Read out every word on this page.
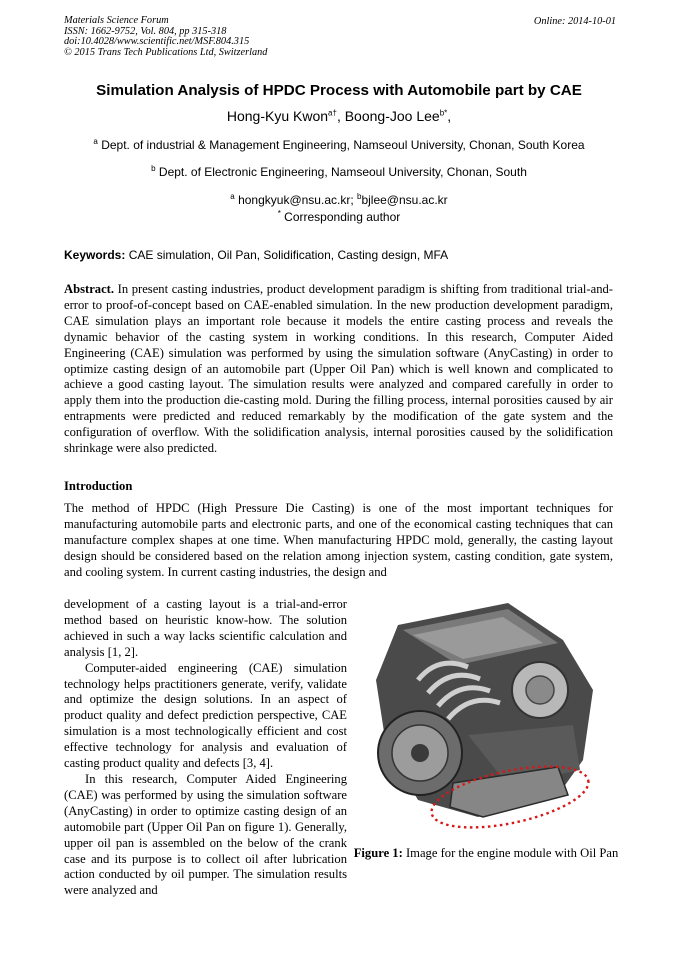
Materials Science Forum
ISSN: 1662-9752, Vol. 804, pp 315-318
doi:10.4028/www.scientific.net/MSF.804.315
© 2015 Trans Tech Publications Ltd, Switzerland
Online: 2014-10-01
Simulation Analysis of HPDC Process with Automobile part by CAE
Hong-Kyu Kwon$^{a\dagger}$, Boong-Joo Lee$^{b*}$,
$^a$ Dept. of industrial & Management Engineering, Namseoul University, Chonan, South Korea
$^b$ Dept. of Electronic Engineering, Namseoul University, Chonan, South
$^a$ hongkyuk@nsu.ac.kr; $^b$bjlee@nsu.ac.kr
* Corresponding author
Keywords: CAE simulation, Oil Pan, Solidification, Casting design, MFA
Abstract. In present casting industries, product development paradigm is shifting from traditional trial-and-error to proof-of-concept based on CAE-enabled simulation. In the new production development paradigm, CAE simulation plays an important role because it models the entire casting process and reveals the dynamic behavior of the casting system in working conditions. In this research, Computer Aided Engineering (CAE) simulation was performed by using the simulation software (AnyCasting) in order to optimize casting design of an automobile part (Upper Oil Pan) which is well known and complicated to achieve a good casting layout. The simulation results were analyzed and compared carefully in order to apply them into the production die-casting mold. During the filling process, internal porosities caused by air entrapments were predicted and reduced remarkably by the modification of the gate system and the configuration of overflow. With the solidification analysis, internal porosities caused by the solidification shrinkage were also predicted.
Introduction
The method of HPDC (High Pressure Die Casting) is one of the most important techniques for manufacturing automobile parts and electronic parts, and one of the economical casting techniques that can manufacture complex shapes at one time. When manufacturing HPDC mold, generally, the casting layout design should be considered based on the relation among injection system, casting condition, gate system, and cooling system. In current casting industries, the design and

development of a casting layout is a trial-and-error method based on heuristic know-how. The solution achieved in such a way lacks scientific calculation and analysis [1, 2].

Computer-aided engineering (CAE) simulation technology helps practitioners generate, verify, validate and optimize the design solutions. In an aspect of product quality and defect prediction perspective, CAE simulation is a most technologically efficient and cost effective technology for analysis and evaluation of casting product quality and defects [3, 4].

In this research, Computer Aided Engineering (CAE) was performed by using the simulation software (AnyCasting) in order to optimize casting design of an automobile part (Upper Oil Pan on figure 1). Generally, upper oil pan is assembled on the below of the crank case and its purpose is to collect oil after lubrication action conducted by oil pumper. The simulation results were analyzed and

Figure 1: Image for the engine module with Oil Pan
